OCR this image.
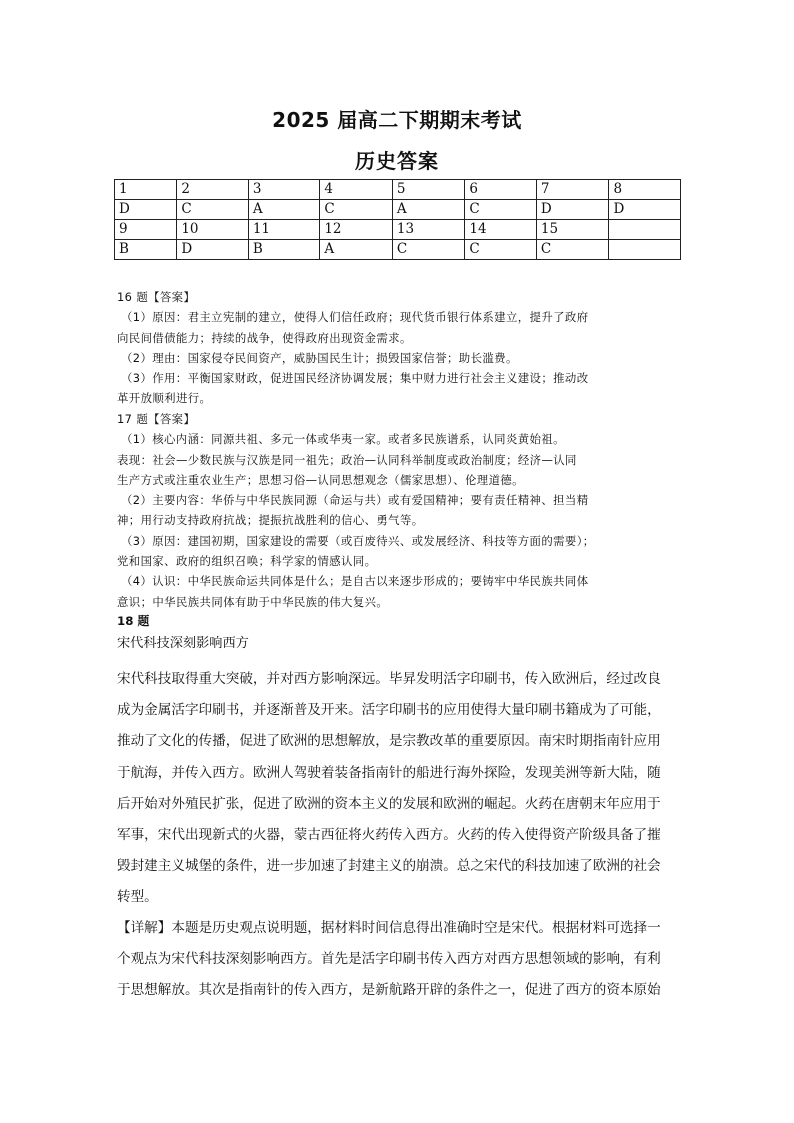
2025 届高二下期期末考试
历史答案
1	2	3	4	5	6	7	8
D	C	A	C	A	C	D	D
9	10	11	12	13	14	15	
B	D	B	A	C	C	C	

16 题【答案】

（1）原因：君主立宪制的建立，使得人们信任政府；现代货币银行体系建立，提升了政府

向民间借债能力；持续的战争，使得政府出现资金需求。

（2）理由：国家侵夺民间资产，威胁国民生计；损毁国家信誉；助长滥费。

（3）作用：平衡国家财政，促进国民经济协调发展；集中财力进行社会主义建设；推动改

革开放顺利进行。

17 题【答案】

（1）核心内涵：同源共祖、多元一体或华夷一家。或者多民族谱系，认同炎黄始祖。

表现：社会—少数民族与汉族是同一祖先；政治—认同科举制度或政治制度；经济—认同

生产方式或注重农业生产；思想习俗—认同思想观念（儒家思想）、伦理道德。

（2）主要内容：华侨与中华民族同源（命运与共）或有爱国精神；要有责任精神、担当精

神；用行动支持政府抗战；提振抗战胜利的信心、勇气等。

（3）原因：建国初期，国家建设的需要（或百废待兴、或发展经济、科技等方面的需要）；

党和国家、政府的组织召唤；科学家的情感认同。

（4）认识：中华民族命运共同体是什么；是自古以来逐步形成的；要铸牢中华民族共同体

意识；中华民族共同体有助于中华民族的伟大复兴。

18 题
宋代科技深刻影响西方

宋代科技取得重大突破，并对西方影响深远。毕昇发明活字印刷书，传入欧洲后，经过改良

成为金属活字印刷书，并逐渐普及开来。活字印刷书的应用使得大量印刷书籍成为了可能，

推动了文化的传播，促进了欧洲的思想解放，是宗教改革的重要原因。南宋时期指南针应用

于航海，并传入西方。欧洲人驾驶着装备指南针的船进行海外探险，发现美洲等新大陆，随

后开始对外殖民扩张，促进了欧洲的资本主义的发展和欧洲的崛起。火药在唐朝末年应用于

军事，宋代出现新式的火器，蒙古西征将火药传入西方。火药的传入使得资产阶级具备了摧

毁封建主义城堡的条件，进一步加速了封建主义的崩溃。总之宋代的科技加速了欧洲的社会

转型。

【详解】本题是历史观点说明题，据材料时间信息得出准确时空是宋代。根据材料可选择一

个观点为宋代科技深刻影响西方。首先是活字印刷书传入西方对西方思想领域的影响，有利

于思想解放。其次是指南针的传入西方，是新航路开辟的条件之一，促进了西方的资本原始
